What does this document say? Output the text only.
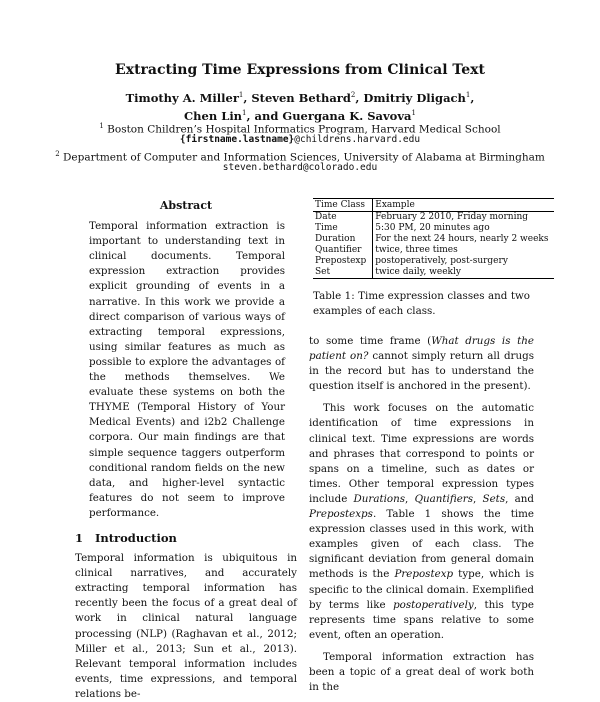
Extracting Time Expressions from Clinical Text
Timothy A. Miller$^1$, Steven Bethard$^2$, Dmitriy Dligach$^1$,
Chen Lin$^1$, and Guergana K. Savova$^1$
$^1$ Boston Children’s Hospital Informatics Program, Harvard Medical School
{firstname.lastname}@childrens.harvard.edu
$^2$ Department of Computer and Information Sciences, University of Alabama at Birmingham
steven.bethard@colorado.edu
Abstract

Temporal information extraction is important to understanding text in clinical documents. Temporal expression extraction provides explicit grounding of events in a narrative. In this work we provide a direct comparison of various ways of extracting temporal expressions, using similar features as much as possible to explore the advantages of the methods themselves. We evaluate these systems on both the THYME (Temporal History of Your Medical Events) and i2b2 Challenge corpora. Our main findings are that simple sequence taggers outperform conditional random fields on the new data, and higher-level syntactic features do not seem to improve performance.

1 Introduction

Temporal information is ubiquitous in clinical narratives, and accurately extracting temporal information has recently been the focus of a great deal of work in clinical natural language processing (NLP) (Raghavan et al., 2012; Miller et al., 2013; Sun et al., 2013). Relevant temporal information includes events, time expressions, and temporal relations be-

Time Class	Example
Date	February 2 2010, Friday morning
Time	5:30 PM, 20 minutes ago
Duration	For the next 24 hours, nearly 2 weeks
Quantifier	twice, three times
Prepostexp	postoperatively, post-surgery
Set	twice daily, weekly
Table 1: Time expression classes and two examples of each class.

to some time frame (What drugs is the patient on? cannot simply return all drugs in the record but has to understand the question itself is anchored in the present).

This work focuses on the automatic identification of time expressions in clinical text. Time expressions are words and phrases that correspond to points or spans on a timeline, such as dates or times. Other temporal expression types include Durations, Quantifiers, Sets, and Prepostexps. Table 1 shows the time expression classes used in this work, with examples given of each class. The significant deviation from general domain methods is the Prepostexp type, which is specific to the clinical domain. Exemplified by terms like postoperatively, this type represents time spans relative to some event, often an operation.

Temporal information extraction has been a topic of a great deal of work both in the
